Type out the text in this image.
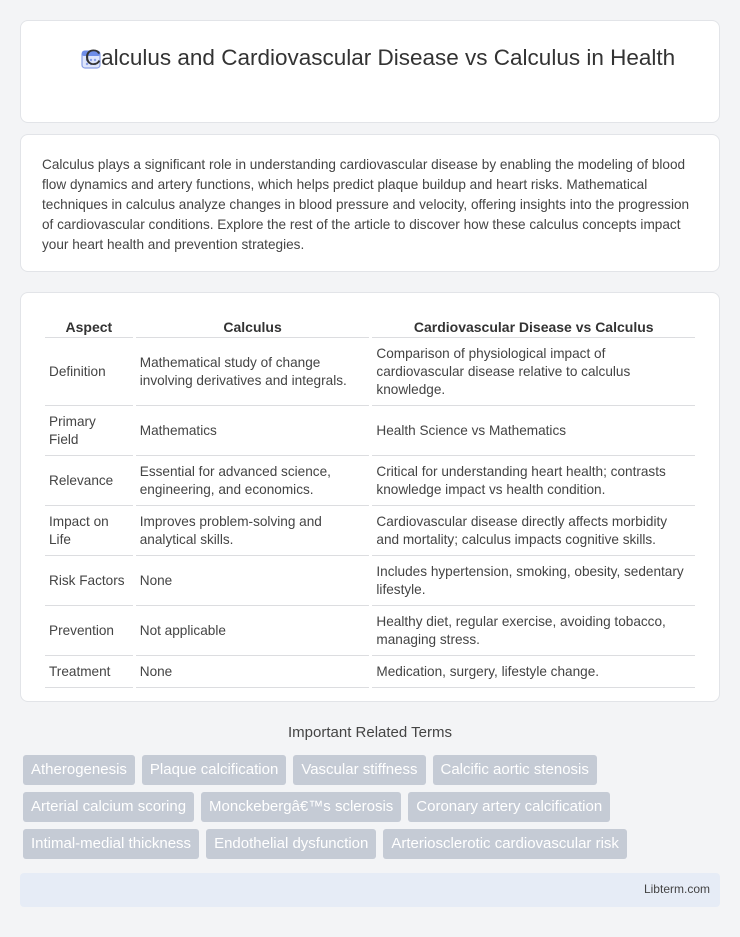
Calculus and Cardiovascular Disease vs Calculus in Health

Calculus plays a significant role in understanding cardiovascular disease by enabling the modeling of blood flow dynamics and artery functions, which helps predict plaque buildup and heart risks. Mathematical techniques in calculus analyze changes in blood pressure and velocity, offering insights into the progression of cardiovascular conditions. Explore the rest of the article to discover how these calculus concepts impact your heart health and prevention strategies.

Aspect	Calculus	Cardiovascular Disease vs Calculus
Definition	Mathematical study of change involving derivatives and integrals.	Comparison of physiological impact of cardiovascular disease relative to calculus knowledge.
Primary Field	Mathematics	Health Science vs Mathematics
Relevance	Essential for advanced science, engineering, and economics.	Critical for understanding heart health; contrasts knowledge impact vs health condition.
Impact on Life	Improves problem-solving and analytical skills.	Cardiovascular disease directly affects morbidity and mortality; calculus impacts cognitive skills.
Risk Factors	None	Includes hypertension, smoking, obesity, sedentary lifestyle.
Prevention	Not applicable	Healthy diet, regular exercise, avoiding tobacco, managing stress.
Treatment	None	Medication, surgery, lifestyle change.
Important Related Terms
Atherogenesis	Plaque calcification	Vascular stiffness	Calcific aortic stenosis
Arterial calcium scoring	Monckebergâ€™s sclerosis	Coronary artery calcification
Intimal-medial thickness	Endothelial dysfunction	Arteriosclerotic cardiovascular risk
Libterm.com
